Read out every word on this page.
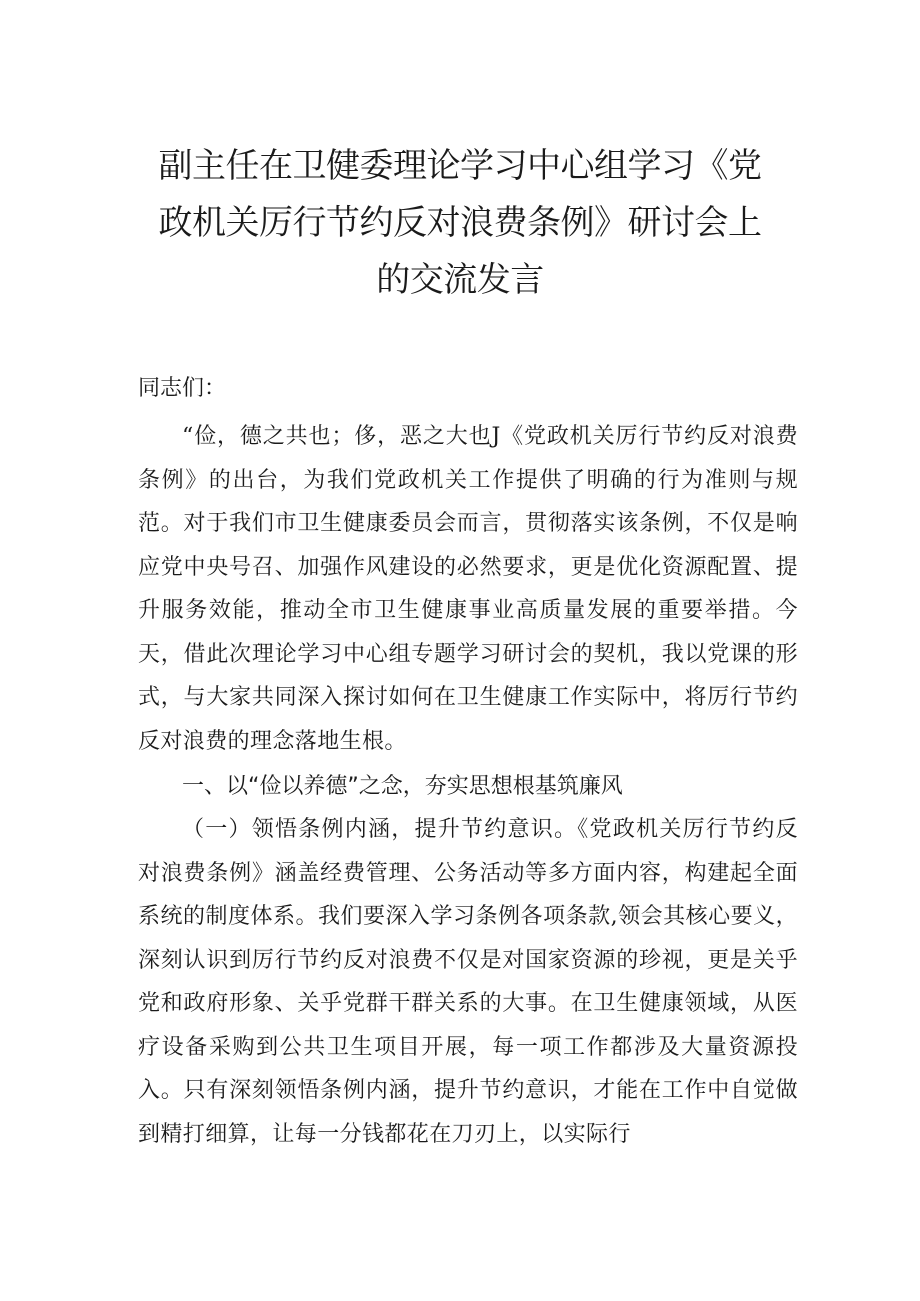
副主任在卫健委理论学习中心组学习《党
政机关厉行节约反对浪费条例》研讨会上
的交流发言

同志们：

“俭，德之共也；侈，恶之大也J《党政机关厉行节约反对浪费条例》的出台，为我们党政机关工作提供了明确的行为准则与规范。对于我们市卫生健康委员会而言，贯彻落实该条例，不仅是响应党中央号召、加强作风建设的必然要求，更是优化资源配置、提升服务效能，推动全市卫生健康事业高质量发展的重要举措。今天，借此次理论学习中心组专题学习研讨会的契机，我以党课的形式，与大家共同深入探讨如何在卫生健康工作实际中，将厉行节约反对浪费的理念落地生根。

一、以“俭以养德”之念，夯实思想根基筑廉风

（一）领悟条例内涵，提升节约意识。《党政机关厉行节约反对浪费条例》涵盖经费管理、公务活动等多方面内容，构建起全面系统的制度体系。我们要深入学习条例各项条款,领会其核心要义，深刻认识到厉行节约反对浪费不仅是对国家资源的珍视，更是关乎党和政府形象、关乎党群干群关系的大事。在卫生健康领域，从医疗设备采购到公共卫生项目开展，每一项工作都涉及大量资源投入。只有深刻领悟条例内涵，提升节约意识，才能在工作中自觉做到精打细算，让每一分钱都花在刀刃上，以实际行
